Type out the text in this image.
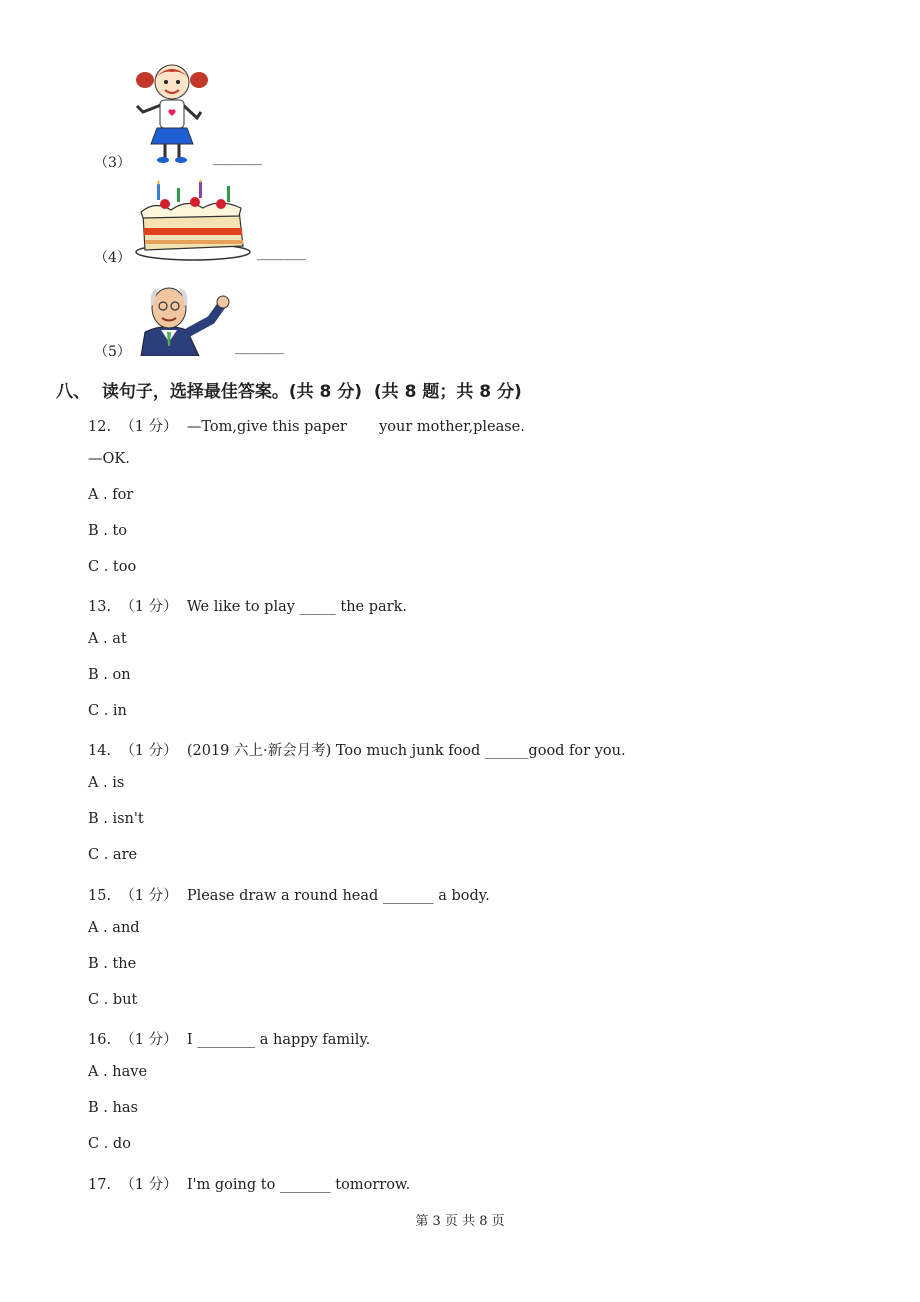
（3）	________
（4）	________
（5）	________
八、  读句子，选择最佳答案。(共 8 分)  (共 8 题；共 8 分)
12.  （1 分）  —Tom,give this paper       your mother,please.
—OK.
A . for
B . to
C . too
13.  （1 分）  We like to play _____ the park.
A . at
B . on
C . in
14.  （1 分）  (2019 六上·新会月考) Too much junk food ______good for you.
A . is
B . isn't
C . are
15.  （1 分）  Please draw a round head _______ a body.
A . and
B . the
C . but
16.  （1 分）  I ________ a happy family.
A . have
B . has
C . do
17.  （1 分）  I'm going to _______ tomorrow.
第 3 页 共 8 页
